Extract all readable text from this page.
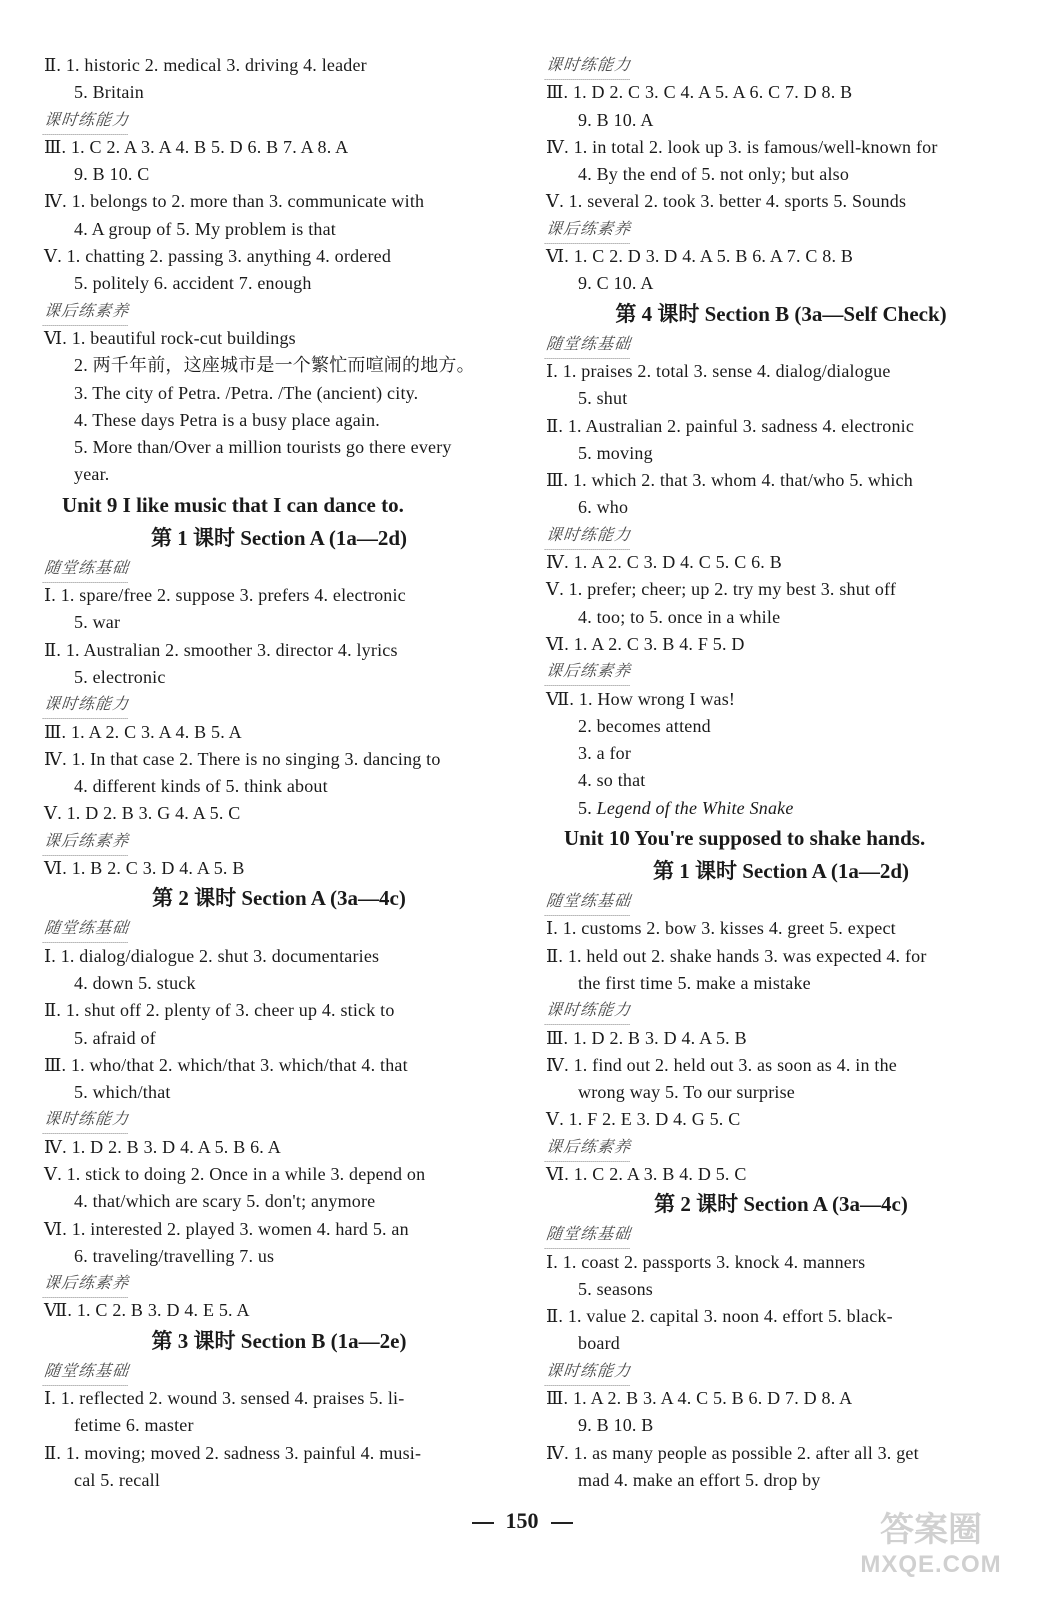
Ⅱ. 1. historic 2. medical 3. driving 4. leader
5. Britain
课时练能力
Ⅲ. 1. C 2. A 3. A 4. B 5. D 6. B 7. A 8. A
9. B 10. C
Ⅳ. 1. belongs to 2. more than 3. communicate with
4. A group of 5. My problem is that
Ⅴ. 1. chatting 2. passing 3. anything 4. ordered
5. politely 6. accident 7. enough
课后练素养
Ⅵ. 1. beautiful rock-cut buildings
2. 两千年前，这座城市是一个繁忙而喧闹的地方。
3. The city of Petra. /Petra. /The (ancient) city.
4. These days Petra is a busy place again.
5. More than/Over a million tourists go there every
year.
Unit 9 I like music that I can dance to.
第 1 课时 Section A (1a—2d)
随堂练基础
Ⅰ. 1. spare/free 2. suppose 3. prefers 4. electronic
5. war
Ⅱ. 1. Australian 2. smoother 3. director 4. lyrics
5. electronic
课时练能力
Ⅲ. 1. A 2. C 3. A 4. B 5. A
Ⅳ. 1. In that case 2. There is no singing 3. dancing to
4. different kinds of 5. think about
Ⅴ. 1. D 2. B 3. G 4. A 5. C
课后练素养
Ⅵ. 1. B 2. C 3. D 4. A 5. B
第 2 课时 Section A (3a—4c)
随堂练基础
Ⅰ. 1. dialog/dialogue 2. shut 3. documentaries
4. down 5. stuck
Ⅱ. 1. shut off 2. plenty of 3. cheer up 4. stick to
5. afraid of
Ⅲ. 1. who/that 2. which/that 3. which/that 4. that
5. which/that
课时练能力
Ⅳ. 1. D 2. B 3. D 4. A 5. B 6. A
Ⅴ. 1. stick to doing 2. Once in a while 3. depend on
4. that/which are scary 5. don't; anymore
Ⅵ. 1. interested 2. played 3. women 4. hard 5. an
6. traveling/travelling 7. us
课后练素养
Ⅶ. 1. C 2. B 3. D 4. E 5. A
第 3 课时 Section B (1a—2e)
随堂练基础
Ⅰ. 1. reflected 2. wound 3. sensed 4. praises 5. li-
fetime 6. master
Ⅱ. 1. moving; moved 2. sadness 3. painful 4. musi-
cal 5. recall
课时练能力
Ⅲ. 1. D 2. C 3. C 4. A 5. A 6. C 7. D 8. B
9. B 10. A
Ⅳ. 1. in total 2. look up 3. is famous/well-known for
4. By the end of 5. not only; but also
Ⅴ. 1. several 2. took 3. better 4. sports 5. Sounds
课后练素养
Ⅵ. 1. C 2. D 3. D 4. A 5. B 6. A 7. C 8. B
9. C 10. A
第 4 课时 Section B (3a—Self Check)
随堂练基础
Ⅰ. 1. praises 2. total 3. sense 4. dialog/dialogue
5. shut
Ⅱ. 1. Australian 2. painful 3. sadness 4. electronic
5. moving
Ⅲ. 1. which 2. that 3. whom 4. that/who 5. which
6. who
课时练能力
Ⅳ. 1. A 2. C 3. D 4. C 5. C 6. B
Ⅴ. 1. prefer; cheer; up 2. try my best 3. shut off
4. too; to 5. once in a while
Ⅵ. 1. A 2. C 3. B 4. F 5. D
课后练素养
Ⅶ. 1. How wrong I was!
2. becomes attend
3. a for
4. so that
5. Legend of the White Snake
Unit 10 You're supposed to shake hands.
第 1 课时 Section A (1a—2d)
随堂练基础
Ⅰ. 1. customs 2. bow 3. kisses 4. greet 5. expect
Ⅱ. 1. held out 2. shake hands 3. was expected 4. for
the first time 5. make a mistake
课时练能力
Ⅲ. 1. D 2. B 3. D 4. A 5. B
Ⅳ. 1. find out 2. held out 3. as soon as 4. in the
wrong way 5. To our surprise
Ⅴ. 1. F 2. E 3. D 4. G 5. C
课后练素养
Ⅵ. 1. C 2. A 3. B 4. D 5. C
第 2 课时 Section A (3a—4c)
随堂练基础
Ⅰ. 1. coast 2. passports 3. knock 4. manners
5. seasons
Ⅱ. 1. value 2. capital 3. noon 4. effort 5. black-
board
课时练能力
Ⅲ. 1. A 2. B 3. A 4. C 5. B 6. D 7. D 8. A
9. B 10. B
Ⅳ. 1. as many people as possible 2. after all 3. get
mad 4. make an effort 5. drop by
150	答案圈
MXQE.COM
